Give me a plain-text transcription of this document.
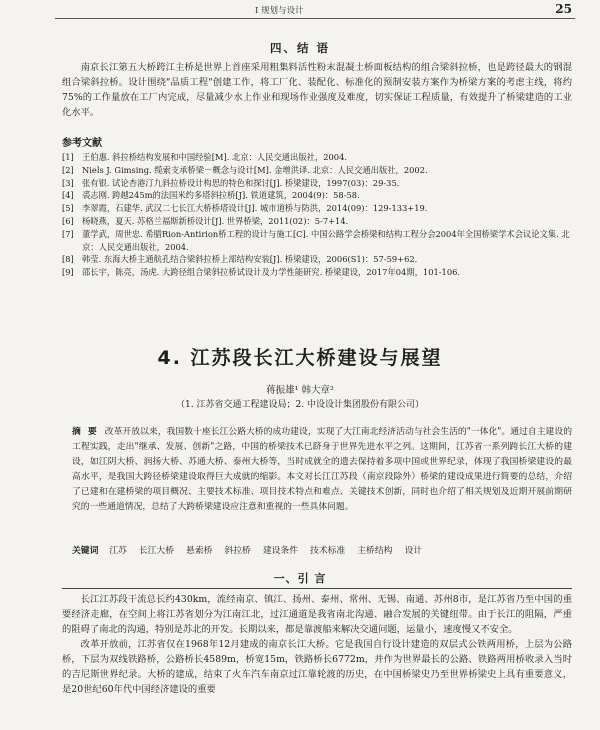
Ⅰ 规划与设计	25
四、结 语

南京长江第五大桥跨江主桥是世界上首座采用粗集料活性粉末混凝土桥面板结构的组合梁斜拉桥，也是跨径最大的钢混组合梁斜拉桥。设计围绕"品质工程"创建工作，将工厂化、装配化、标准化的预制安装方案作为桥梁方案的考虑主线，将约75%的工作量放在工厂内完成，尽量减少水上作业和现场作业强度及难度，切实保证工程质量，有效提升了桥梁建造的工业化水平。

参考文献
[1] 王伯惠. 斜拉桥结构发展和中国经验[M]. 北京：人民交通出版社，2004.
[2] Niels J. Gimsing. 缆索支承桥梁－概念与设计[M]. 金增洪译. 北京：人民交通出版社，2002.
[3] 张有银. 试论杏港汀九斜拉桥设计构思的特色和探讨[J]. 桥梁建设，1997(03)：29-35.
[4] 裘志刚. 跨越245m的法国米约多塔斜拉桥[J]. 铁道建筑，2004(9)：58-58.
[5] 李翠霞，石建华. 武汉二七长江大桥桥塔设计[J]. 城市道桥与防洪，2014(09)：129-133+19.
[6] 杨晓燕，夏天. 苏格兰福斯新桥设计[J]. 世界桥梁，2011(02)：5-7+14.
[7] 董学武，周世忠. 希腊Rion-Antirion桥工程的设计与施工[C]. 中国公路学会桥梁和结构工程分会2004年全国桥梁学术会议论文集. 北京：人民交通出版社，2004.
[8] 韩莹. 东海大桥主通航孔结合梁斜拉桥上部结构安装[J]. 桥梁建设，2006(S1)：57-59+62.
[9] 邵长宇，陈亮，汤虎. 大跨径组合梁斜拉桥试设计及力学性能研究. 桥梁建设，2017年04期，101-106.
4. 江苏段长江大桥建设与展望
蒋振雄¹ 韩大章²
（1. 江苏省交通工程建设局；2. 中设设计集团股份有限公司）
摘 要 改革开放以来，我国数十座长江公路大桥的成功建设，实现了大江南北经济活动与社会生活的"一体化"。通过自主建设的工程实践，走出"继承、发展、创新"之路，中国的桥梁技术已跻身于世界先进水平之列。这期间，江苏省一系列跨长江大桥的建设，如江阴大桥、润扬大桥、苏通大桥、泰州大桥等，当时成就全的遗去保持着多项中国或世界纪录，体现了我国桥梁建设的最高水平，是我国大跨径桥梁建设取得巨大成就的缩影。本文对长江江苏段（南京段除外）桥梁的建设成果进行简要的总结，介绍了已建和在建桥梁的项目概况、主要技术标准、项目技术特点和难点、关键技术创新，同时也介绍了相关规划及近期开展前期研究的一些通道情况，总结了大跨桥梁建设应注意和重视的一些具体问题。
关键词 江苏 长江大桥 悬索桥 斜拉桥 建设条件 技术标准 主桥结构 设计
一、引 言

长江江苏段干流总长约430km，流经南京、镇江、扬州、泰州、常州、无锡、南通、苏州8市，是江苏省乃至中国的重要经济走廊，在空间上将江苏省划分为江南江北，过江通道是我省南北沟通、融合发展的关键纽带。由于长江的阻隔，严重的阻碍了南北的沟通，特别是苏北的开发。长期以来，都是靠渡船来解决交通问题，运量小，速度慢又不安全。

改革开放前，江苏省仅在1968年12月建成的南京长江大桥。它是我国自行设计建造的双层式公铁两用桥，上层为公路桥，下层为双线铁路桥，公路桥长4589m，桥宽15m，铁路桥长6772m，并作为世界最长的公路、铁路两用桥收录入当时的吉尼斯世界纪录。大桥的建成，结束了火车汽车南京过江靠轮渡的历史，在中国桥梁史乃至世界桥梁史上具有重要意义，是20世纪60年代中国经济建设的重要
